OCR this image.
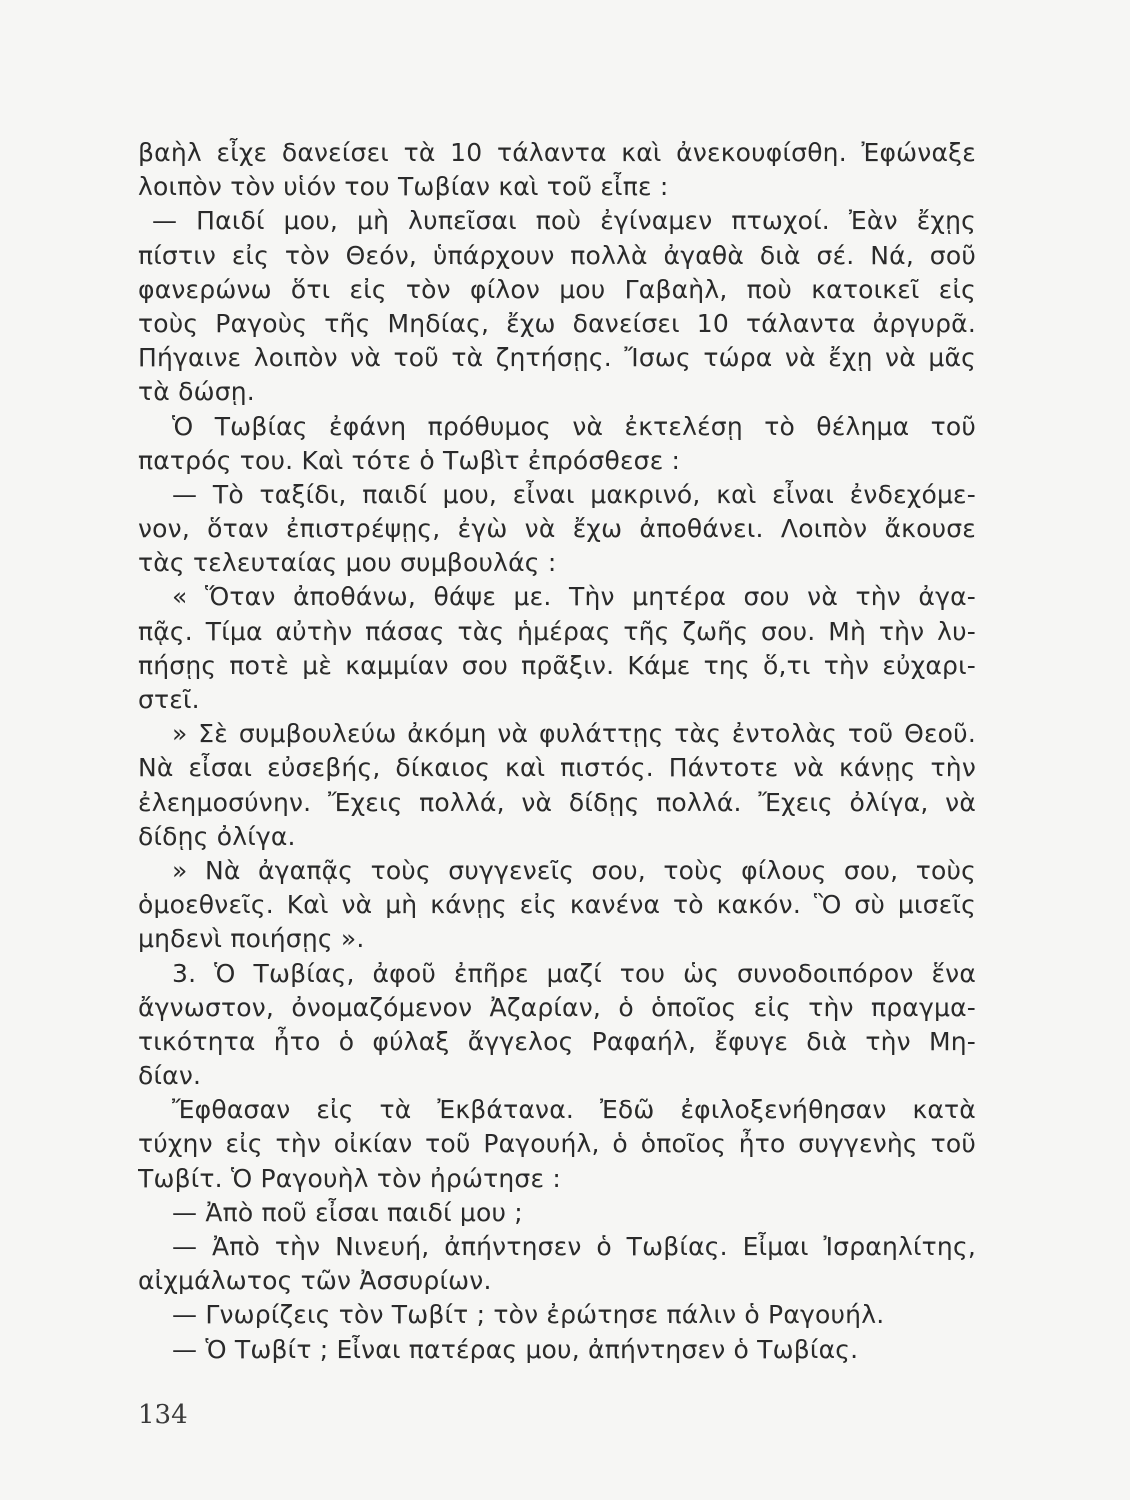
βαὴλ εἶχε δανείσει τὰ 10 τάλαντα καὶ ἀνεκουφίσθη. Ἐφώναξε
λοιπὸν τὸν υἱόν του Τωβίαν καὶ τοῦ εἶπε :
— Παιδί μου, μὴ λυπεῖσαι ποὺ ἐγίναμεν πτωχοί. Ἐὰν ἔχῃς
πίστιν εἰς τὸν Θεόν, ὑπάρχουν πολλὰ ἀγαθὰ διὰ σέ. Νά, σοῦ
φανερώνω ὅτι εἰς τὸν φίλον μου Γαβαὴλ, ποὺ κατοικεῖ εἰς
τοὺς Ραγοὺς τῆς Μηδίας, ἔχω δανείσει 10 τάλαντα ἀργυρᾶ.
Πήγαινε λοιπὸν νὰ τοῦ τὰ ζητήσῃς. Ἴσως τώρα νὰ ἔχῃ νὰ μᾶς
τὰ δώσῃ.
Ὁ Τωβίας ἐφάνη πρόθυμος νὰ ἐκτελέσῃ τὸ θέλημα τοῦ
πατρός του. Καὶ τότε ὁ Τωβὶτ ἐπρόσθεσε :
— Τὸ ταξίδι, παιδί μου, εἶναι μακρινό, καὶ εἶναι ἐνδεχόμε-
νον, ὅταν ἐπιστρέψῃς, ἐγὼ νὰ ἔχω ἀποθάνει. Λοιπὸν ἄκουσε
τὰς τελευταίας μου συμβουλάς :
« Ὅταν ἀποθάνω, θάψε με. Τὴν μητέρα σου νὰ τὴν ἀγα-
πᾷς. Τίμα αὐτὴν πάσας τὰς ἡμέρας τῆς ζωῆς σου. Μὴ τὴν λυ-
πήσῃς ποτὲ μὲ καμμίαν σου πρᾶξιν. Κάμε της ὅ,τι τὴν εὐχαρι-
στεῖ.
» Σὲ συμβουλεύω ἀκόμη νὰ φυλάττῃς τὰς ἐντολὰς τοῦ Θεοῦ.
Νὰ εἶσαι εὐσεβής, δίκαιος καὶ πιστός. Πάντοτε νὰ κάνῃς τὴν
ἐλεημοσύνην. Ἔχεις πολλά, νὰ δίδῃς πολλά. Ἔχεις ὀλίγα, νὰ
δίδῃς ὀλίγα.
» Νὰ ἀγαπᾷς τοὺς συγγενεῖς σου, τοὺς φίλους σου, τοὺς
ὁμοεθνεῖς. Καὶ νὰ μὴ κάνῃς εἰς κανένα τὸ κακόν. Ὃ σὺ μισεῖς
μηδενὶ ποιήσῃς ».
3. Ὁ Τωβίας, ἀφοῦ ἐπῆρε μαζί του ὡς συνοδοιπόρον ἕνα
ἄγνωστον, ὀνομαζόμενον Ἀζαρίαν, ὁ ὁποῖος εἰς τὴν πραγμα-
τικότητα ἦτο ὁ φύλαξ ἄγγελος Ραφαήλ, ἔφυγε διὰ τὴν Μη-
δίαν.
Ἔφθασαν εἰς τὰ Ἐκβάτανα. Ἐδῶ ἐφιλοξενήθησαν κατὰ
τύχην εἰς τὴν οἰκίαν τοῦ Ραγουήλ, ὁ ὁποῖος ἦτο συγγενὴς τοῦ
Τωβίτ. Ὁ Ραγουὴλ τὸν ἠρώτησε :
— Ἀπὸ ποῦ εἶσαι παιδί μου ;
— Ἀπὸ τὴν Νινευή, ἀπήντησεν ὁ Τωβίας. Εἶμαι Ἰσραηλίτης,
αἰχμάλωτος τῶν Ἀσσυρίων.
— Γνωρίζεις τὸν Τωβίτ ; τὸν ἐρώτησε πάλιν ὁ Ραγουήλ.
— Ὁ Τωβίτ ; Εἶναι πατέρας μου, ἀπήντησεν ὁ Τωβίας.
134
